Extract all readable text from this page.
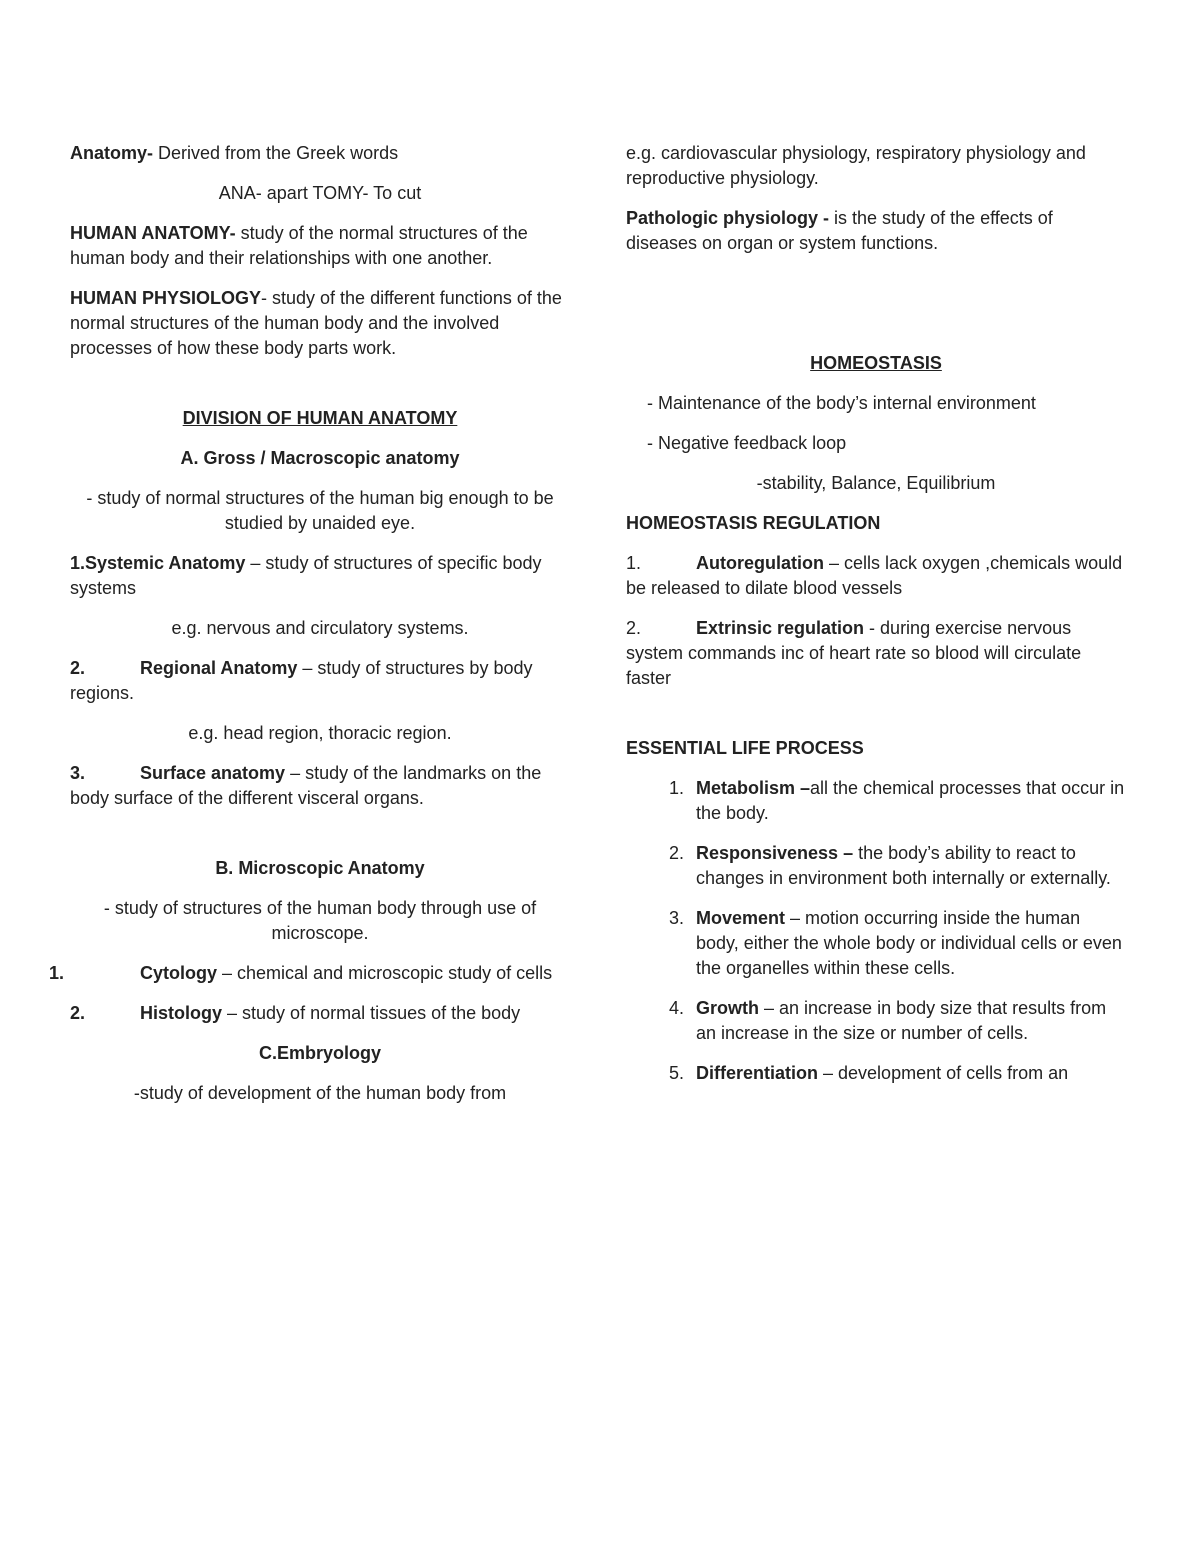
Anatomy- Derived from the Greek words

ANA- apart TOMY- To cut

HUMAN ANATOMY- study of the normal structures of the human body and their relationships with one another.

HUMAN PHYSIOLOGY- study of the different functions of the normal structures of the human body and the involved processes of how these body parts work.

DIVISION OF HUMAN ANATOMY

A. Gross / Macroscopic anatomy

- study of normal structures of the human big enough to be studied by unaided eye.

1.Systemic Anatomy – study of structures of specific body systems

e.g. nervous and circulatory systems.

2.	Regional Anatomy – study of structures by body regions.

e.g. head region, thoracic region.

3.	Surface anatomy – study of the landmarks on the body surface of the different visceral organs.

B. Microscopic Anatomy

- study of structures of the human body through use of microscope.

1.	Cytology – chemical and microscopic study of cells

2.	Histology – study of normal tissues of the body

C.Embryology

-study of development of the human body from

e.g. cardiovascular physiology, respiratory physiology and reproductive physiology.

Pathologic physiology - is the study of the effects of diseases on organ or system functions.

HOMEOSTASIS

- Maintenance of the body’s internal environment

- Negative feedback loop

-stability, Balance, Equilibrium

HOMEOSTASIS REGULATION

1.	Autoregulation – cells lack oxygen ,chemicals would be released to dilate blood vessels

2.	Extrinsic regulation - during exercise nervous system commands inc of heart rate so blood will circulate faster

ESSENTIAL LIFE PROCESS

1. Metabolism –all the chemical processes that occur in the body.
2. Responsiveness – the body’s ability to react to changes in environment both internally or externally.
3. Movement – motion occurring inside the human body, either the whole body or individual cells or even the organelles within these cells.
4. Growth – an increase in body size that results from an increase in the size or number of cells.
5. Differentiation – development of cells from an
